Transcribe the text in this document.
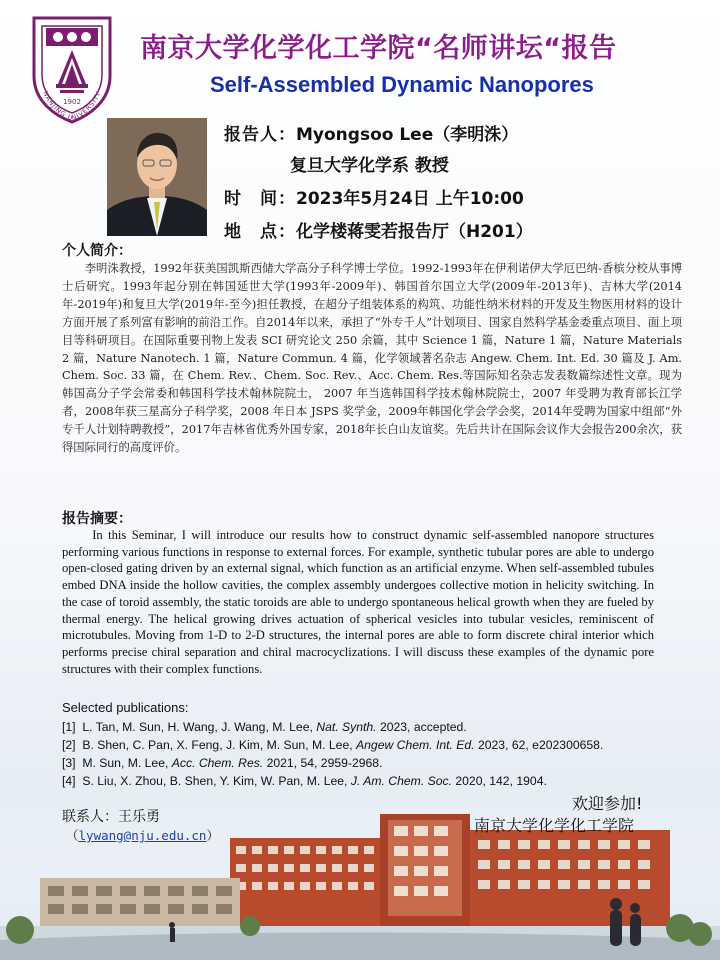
1902
NANJING UNIVERSITY
南京大学化学化工学院“名师讲坛“报告
Self-Assembled Dynamic Nanopores
报告人：Myongsoo Lee（李明洙）
复旦大学化学系 教授
时　间：2023年5月24日 上午10:00
地　点：化学楼蒋雯若报告厅（H201）
个人简介：
李明洙教授，1992年获美国凯斯西储大学高分子科学博士学位。1992-1993年在伊利诺伊大学厄巴纳-香槟分校从事博士后研究。1993年起分别在韩国延世大学(1993年-2009年)、韩国首尔国立大学(2009年-2013年)、吉林大学(2014年-2019年)和复旦大学(2019年-至今)担任教授，在超分子组装体系的构筑、功能性纳米材料的开发及生物医用材料的设计方面开展了系列富有影响的前沿工作。自2014年以来，承担了“外专千人”计划项目、国家自然科学基金委重点项目、面上项目等科研项目。在国际重要刊物上发表 SCI 研究论文 250 余篇，其中 Science 1 篇，Nature 1 篇，Nature Materials 2 篇，Nature Nanotech. 1 篇，Nature Commun. 4 篇，化学领域著名杂志 Angew. Chem. Int. Ed. 30 篇及 J. Am. Chem. Soc. 33 篇，在 Chem. Rev.、Chem. Soc. Rev.、Acc. Chem. Res.等国际知名杂志发表数篇综述性文章。现为韩国高分子学会常委和韩国科学技术翰林院院士， 2007 年当选韩国科学技术翰林院院士，2007 年受聘为教育部长江学者，2008年获三星高分子科学奖，2008 年日本 JSPS 奖学金，2009年韩国化学会学会奖，2014年受聘为国家中组部“外专千人计划特聘教授”，2017年吉林省优秀外国专家，2018年长白山友谊奖。先后共计在国际会议作大会报告200余次，获得国际同行的高度评价。
报告摘要：
In this Seminar, I will introduce our results how to construct dynamic self-assembled nanopore structures performing various functions in response to external forces. For example, synthetic tubular pores are able to undergo open-closed gating driven by an external signal, which function as an artificial enzyme. When self-assembled tubules embed DNA inside the hollow cavities, the complex assembly undergoes collective motion in helicity switching. In the case of toroid assembly, the static toroids are able to undergo spontaneous helical growth when they are fueled by thermal energy. The helical growing drives actuation of spherical vesicles into tubular vesicles, reminiscent of microtubules. Moving from 1-D to 2-D structures, the internal pores are able to form discrete chiral interior which performs precise chiral separation and chiral macrocyclizations. I will discuss these examples of the dynamic pore structures with their complex functions.
Selected publications:
[1] L. Tan, M. Sun, H. Wang, J. Wang, M. Lee, Nat. Synth. 2023, accepted.
[2] B. Shen, C. Pan, X. Feng, J. Kim, M. Sun, M. Lee, Angew Chem. Int. Ed. 2023, 62, e202300658.
[3] M. Sun, M. Lee, Acc. Chem. Res. 2021, 54, 2959-2968.
[4] S. Liu, X. Zhou, B. Shen, Y. Kim, W. Pan, M. Lee, J. Am. Chem. Soc. 2020, 142, 1904.
联系人：王乐勇
（lywang@nju.edu.cn）
欢迎参加!
南京大学化学化工学院
